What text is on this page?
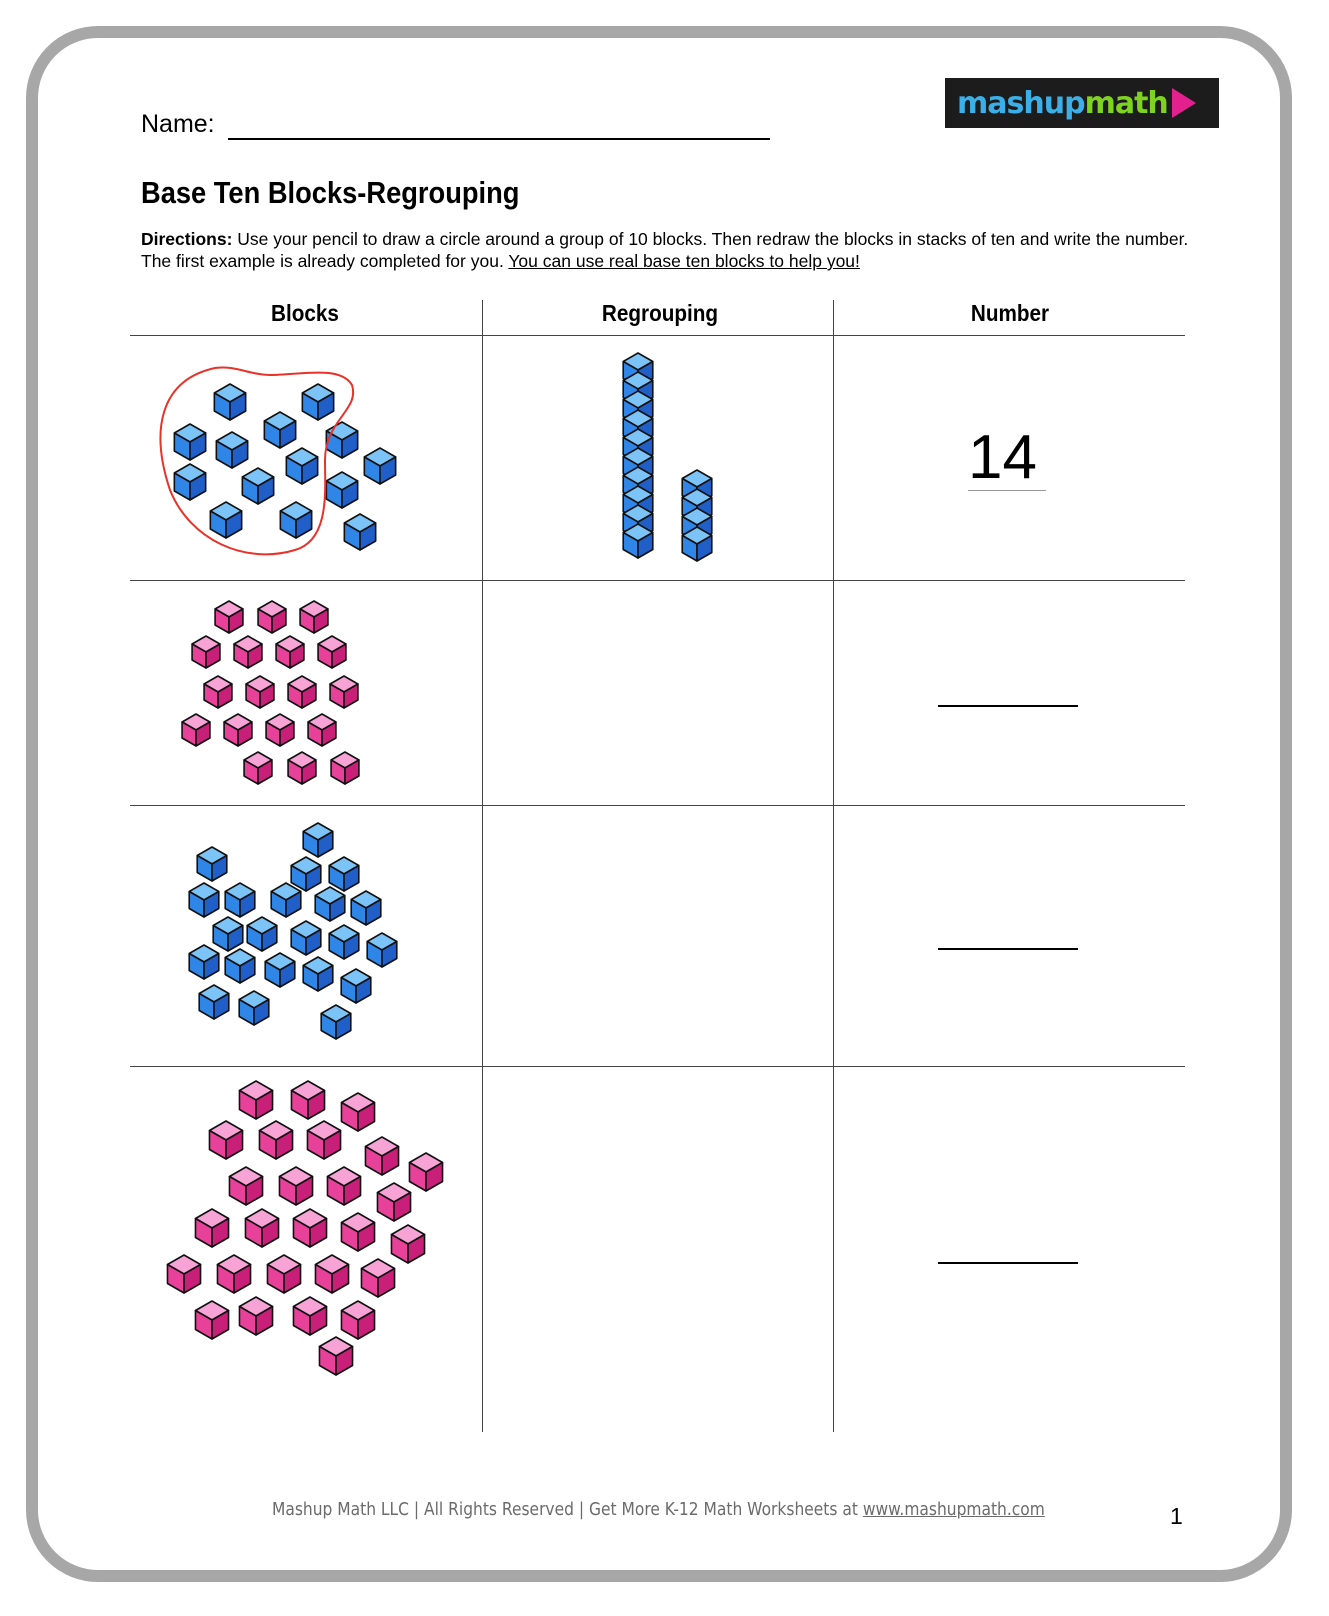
Name:
mashupmath
Base Ten Blocks-Regrouping
Directions: Use your pencil to draw a circle around a group of 10 blocks. Then redraw the blocks in stacks of ten and write the number. The first example is already completed for you. You can use real base ten blocks to help you!
Blocks	Regrouping	Number
14
Mashup Math LLC | All Rights Reserved | Get More K-12 Math Worksheets at www.mashupmath.com	1
